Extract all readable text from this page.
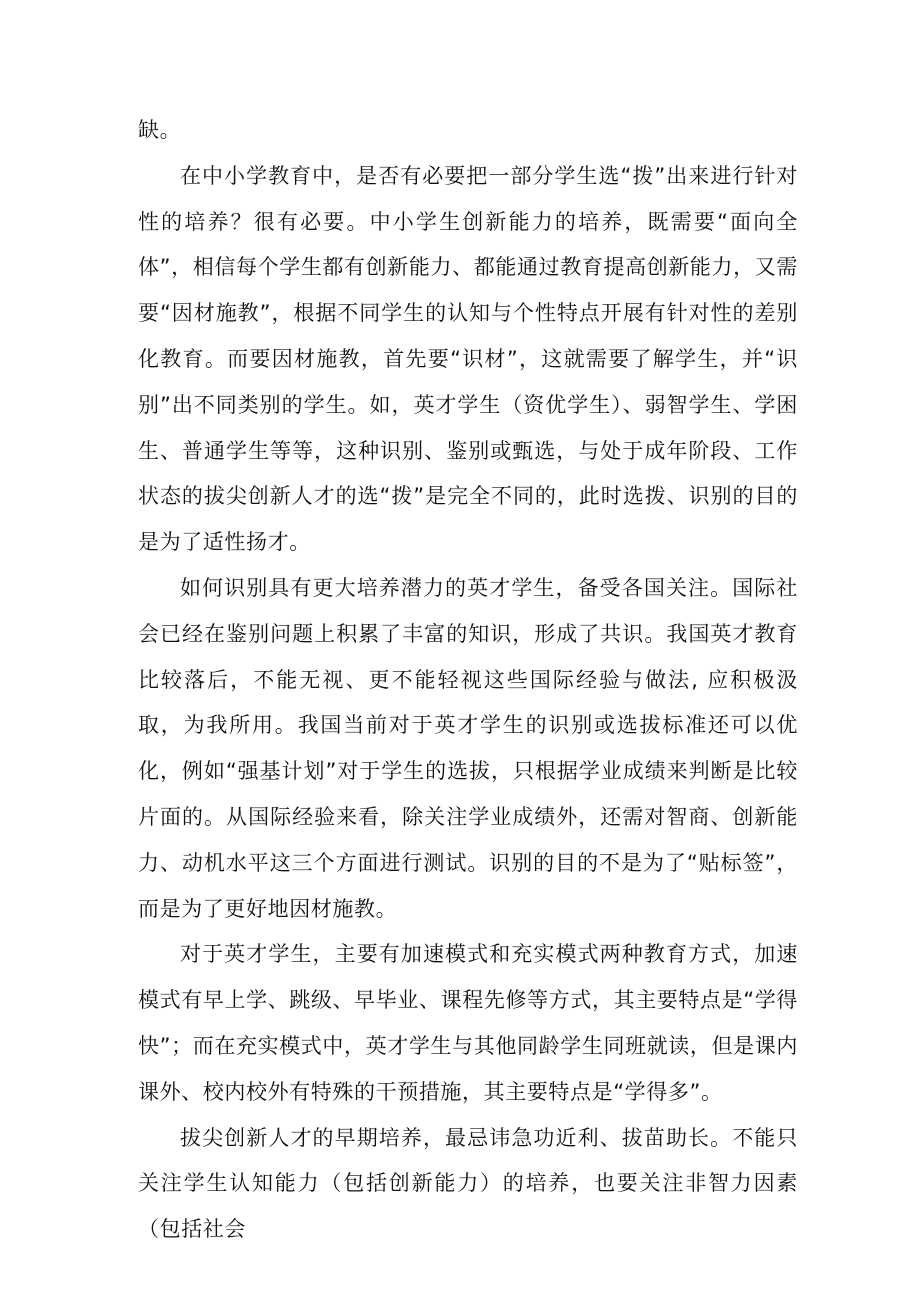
缺。

在中小学教育中，是否有必要把一部分学生选“拨”出来进行针对性的培养？很有必要。中小学生创新能力的培养，既需要“面向全体”，相信每个学生都有创新能力、都能通过教育提高创新能力，又需要“因材施教”，根据不同学生的认知与个性特点开展有针对性的差别化教育。而要因材施教，首先要“识材”，这就需要了解学生，并“识别”出不同类别的学生。如，英才学生（资优学生）、弱智学生、学困生、普通学生等等，这种识别、鉴别或甄选，与处于成年阶段、工作状态的拔尖创新人才的选“拨”是完全不同的，此时选拨、识别的目的是为了适性扬才。

如何识别具有更大培养潜力的英才学生，备受各国关注。国际社会已经在鉴别问题上积累了丰富的知识，形成了共识。我国英才教育比较落后，不能无视、更不能轻视这些国际经验与做法, 应积极汲取，为我所用。我国当前对于英才学生的识别或选拔标准还可以优化，例如“强基计划”对于学生的选拔，只根据学业成绩来判断是比较片面的。从国际经验来看，除关注学业成绩外，还需对智商、创新能力、动机水平这三个方面进行测试。识别的目的不是为了“贴标签”，而是为了更好地因材施教。

对于英才学生，主要有加速模式和充实模式两种教育方式，加速模式有早上学、跳级、早毕业、课程先修等方式，其主要特点是“学得快”；而在充实模式中，英才学生与其他同龄学生同班就读，但是课内课外、校内校外有特殊的干预措施，其主要特点是“学得多”。

拔尖创新人才的早期培养，最忌讳急功近利、拔苗助长。不能只关注学生认知能力（包括创新能力）的培养，也要关注非智力因素（包括社会
